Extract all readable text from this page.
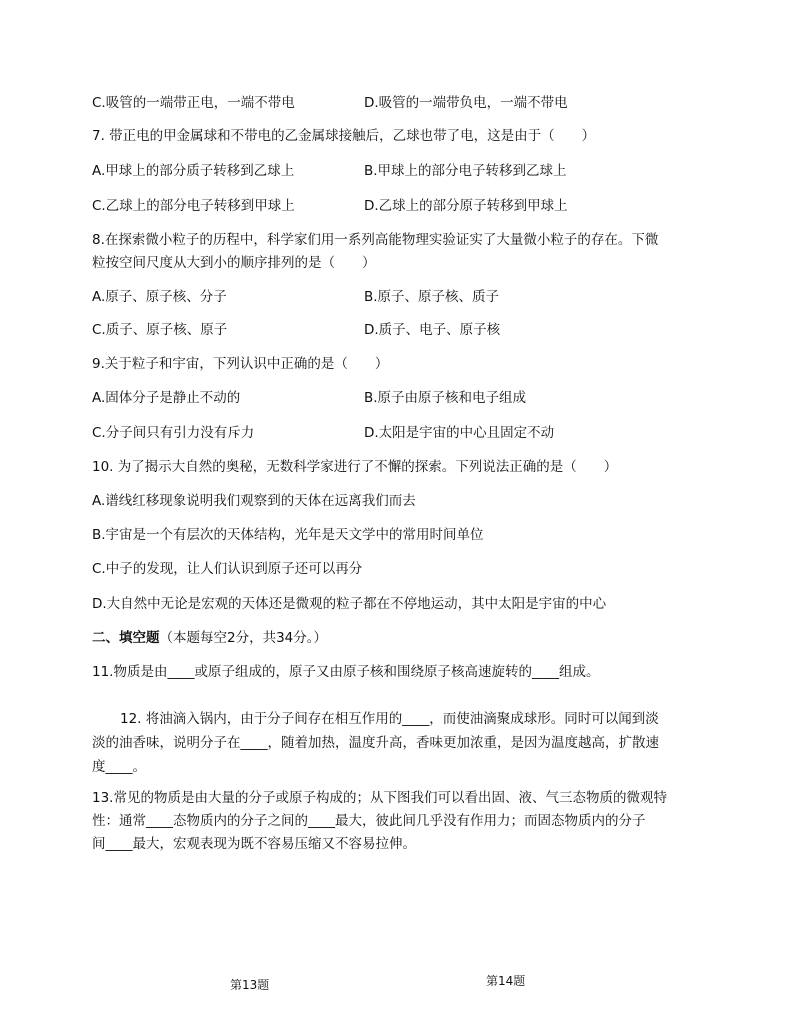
C.吸管的一端带正电，一端不带电	D.吸管的一端带负电，一端不带电
7. 带正电的甲金属球和不带电的乙金属球接触后，乙球也带了电，这是由于（　　）
A.甲球上的部分质子转移到乙球上	B.甲球上的部分电子转移到乙球上
C.乙球上的部分电子转移到甲球上	D.乙球上的部分原子转移到甲球上
8.在探索微小粒子的历程中，科学家们用一系列高能物理实验证实了大量微小粒子的存在。下微
粒按空间尺度从大到小的顺序排列的是（　　）
A.原子、原子核、分子	B.原子、原子核、质子
C.质子、原子核、原子	D.质子、电子、原子核
9.关于粒子和宇宙，下列认识中正确的是（　　）
A.固体分子是静止不动的	B.原子由原子核和电子组成
C.分子间只有引力没有斥力	D.太阳是宇宙的中心且固定不动
10. 为了揭示大自然的奥秘，无数科学家进行了不懈的探索。下列说法正确的是（　　）
A.谱线红移现象说明我们观察到的天体在远离我们而去
B.宇宙是一个有层次的天体结构，光年是天文学中的常用时间单位
C.中子的发现，让人们认识到原子还可以再分
D.大自然中无论是宏观的天体还是微观的粒子都在不停地运动，其中太阳是宇宙的中心
二、填空题（本题每空2分，共34分。）
11.物质是由____或原子组成的，原子又由原子核和围绕原子核高速旋转的____组成。
12. 将油滴入锅内，由于分子间存在相互作用的____，而使油滴聚成球形。同时可以闻到淡
淡的油香味，说明分子在____，随着加热，温度升高，香味更加浓重，是因为温度越高，扩散速
度____。
13.常见的物质是由大量的分子或原子构成的；从下图我们可以看出固、液、气三态物质的微观特
性：通常____态物质内的分子之间的____最大，彼此间几乎没有作用力；而固态物质内的分子
间____最大，宏观表现为既不容易压缩又不容易拉伸。
第13题	第14题
